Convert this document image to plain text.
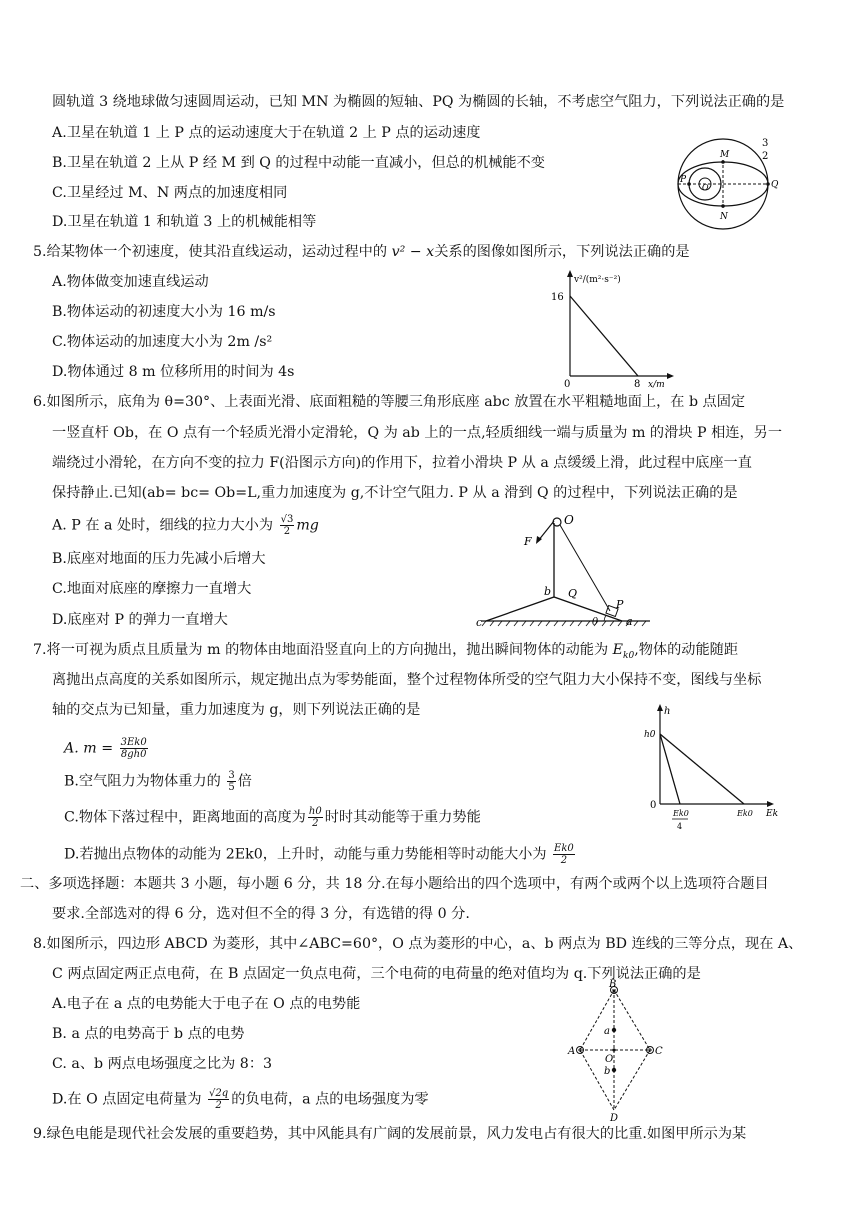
圆轨道 3 绕地球做匀速圆周运动，已知 MN 为椭圆的短轴、PQ 为椭圆的长轴，不考虑空气阻力，下列说法正确的是
A.卫星在轨道 1 上 P 点的运动速度大于在轨道 2 上 P 点的运动速度
B.卫星在轨道 2 上从 P 经 M 到 Q 的过程中动能一直减小，但总的机械能不变
C.卫星经过 M、N 两点的加速度相同
D.卫星在轨道 1 和轨道 3 上的机械能相等
3
2
M
P
O	Q
N
5.给某物体一个初速度，使其沿直线运动，运动过程中的 v² − x关系的图像如图所示，下列说法正确的是
A.物体做变加速直线运动
B.物体运动的初速度大小为 16 m/s
C.物体运动的加速度大小为 2m /s²
D.物体通过 8 m 位移所用的时间为 4s
v²/(m²·s⁻²)
16
0	8 x/m
6.如图所示，底角为 θ=30°、上表面光滑、底面粗糙的等腰三角形底座 abc 放置在水平粗糙地面上，在 b 点固定
一竖直杆 Ob，在 O 点有一个轻质光滑小定滑轮，Q 为 ab 上的一点,轻质细线一端与质量为 m 的滑块 P 相连，另一
端绕过小滑轮，在方向不变的拉力 F(沿图示方向)的作用下，拉着小滑块 P 从 a 点缓缓上滑，此过程中底座一直
保持静止.已知(ab= bc= Ob=L,重力加速度为 g,不计空气阻力. P 从 a 滑到 Q 的过程中，下列说法正确的是
A. P 在 a 处时，细线的拉力大小为 $\frac{√3}{2}$ mg
B.底座对地面的压力先减小后增大
C.地面对底座的摩擦力一直增大
D.底座对 P 的弹力一直增大
O
F
b Q
P
c	θ	a
7.将一可视为质点且质量为 m 的物体由地面沿竖直向上的方向抛出，抛出瞬间物体的动能为 $E_{k0}$,物体的动能随距
离抛出点高度的关系如图所示，规定抛出点为零势能面，整个过程物体所受的空气阻力大小保持不变，图线与坐标
轴的交点为已知量，重力加速度为 g，则下列说法正确的是
A. $m = \frac{3Ek0}{8gh0}$
B.空气阻力为物体重力的 $\frac{3}{5}$ 倍
C.物体下落过程中，距离地面的高度为 $\frac{h0}{2}$ 时时其动能等于重力势能
D.若抛出点物体的动能为 2Ek0，上升时，动能与重力势能相等时动能大小为 $\frac{Ek0}{2}$
h
h0
0
Ek0
4
Ek0 Ek
二、多项选择题：本题共 3 小题，每小题 6 分，共 18 分.在每小题给出的四个选项中，有两个或两个以上选项符合题目
要求.全部选对的得 6 分，选对但不全的得 3 分，有选错的得 0 分.
8.如图所示，四边形 ABCD 为菱形，其中∠ABC=60°，O 点为菱形的中心，a、b 两点为 BD 连线的三等分点，现在 A、
C 两点固定两正点电荷，在 B 点固定一负点电荷，三个电荷的电荷量的绝对值均为 q.下列说法正确的是
A.电子在 a 点的电势能大于电子在 O 点的电势能
B. a 点的电势高于 b 点的电势
C. a、b 两点电场强度之比为 8：3
D.在 O 点固定电荷量为 $\frac{√2q}{2}$ 的负电荷，a 点的电场强度为零
B
a
A
O
C
b
D
9.绿色电能是现代社会发展的重要趋势，其中风能具有广阔的发展前景，风力发电占有很大的比重.如图甲所示为某
